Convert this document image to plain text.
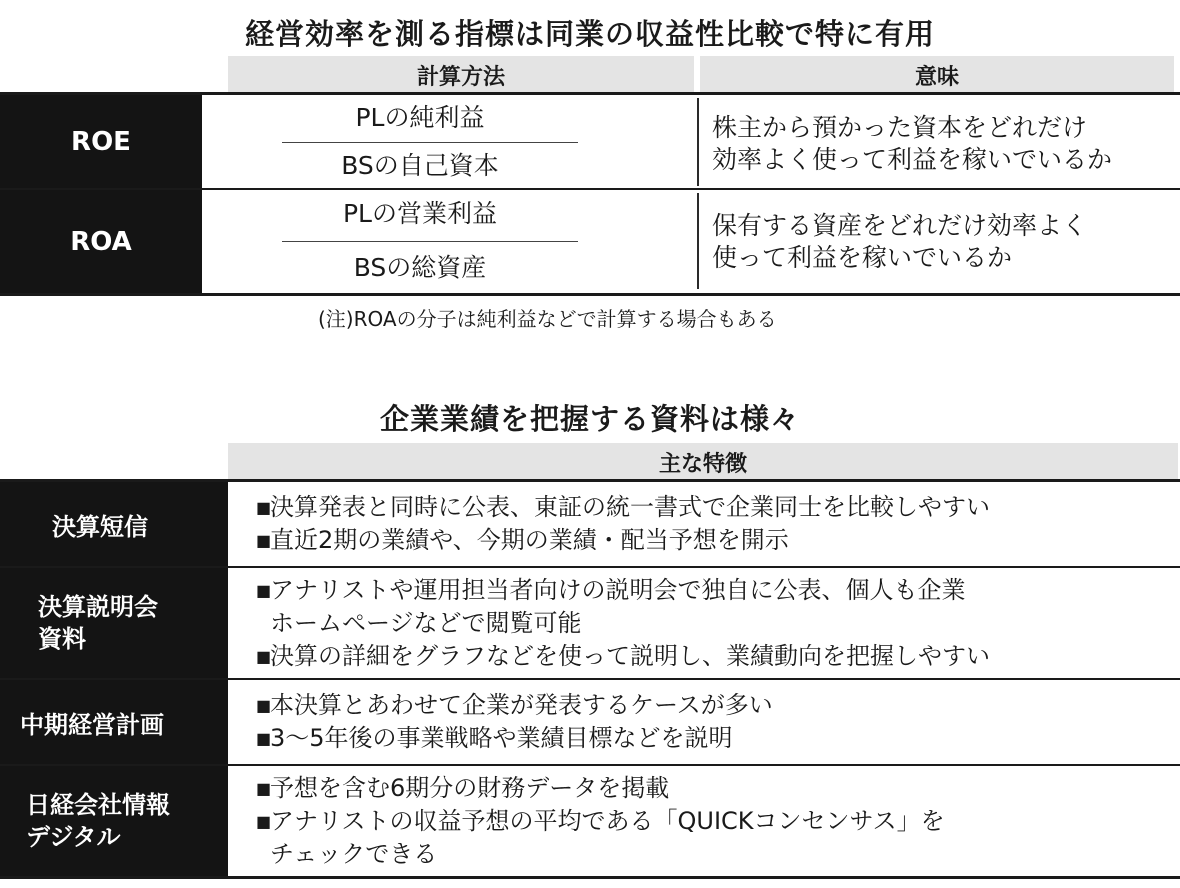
経営効率を測る指標は同業の収益性比較で特に有用
計算方法	意味
ROE
PLの純利益
BSの自己資本
株主から預かった資本をどれだけ
効率よく使って利益を稼いでいるか
ROA
PLの営業利益
BSの総資産
保有する資産をどれだけ効率よく
使って利益を稼いでいるか
(注)ROAの分子は純利益などで計算する場合もある
企業業績を把握する資料は様々
主な特徴
決算短信
■
決算発表と同時に公表、東証の統一書式で企業同士を比較しやすい
■
直近2期の業績や、今期の業績・配当予想を開示
決算説明会
資料
■
アナリストや運用担当者向けの説明会で独自に公表、個人も企業
ホームページなどで閲覧可能
■
決算の詳細をグラフなどを使って説明し、業績動向を把握しやすい
中期経営計画
■
本決算とあわせて企業が発表するケースが多い
■
3〜5年後の事業戦略や業績目標などを説明
日経会社情報
デジタル
■
予想を含む6期分の財務データを掲載
■
アナリストの収益予想の平均である「QUICKコンセンサス」を
チェックできる
